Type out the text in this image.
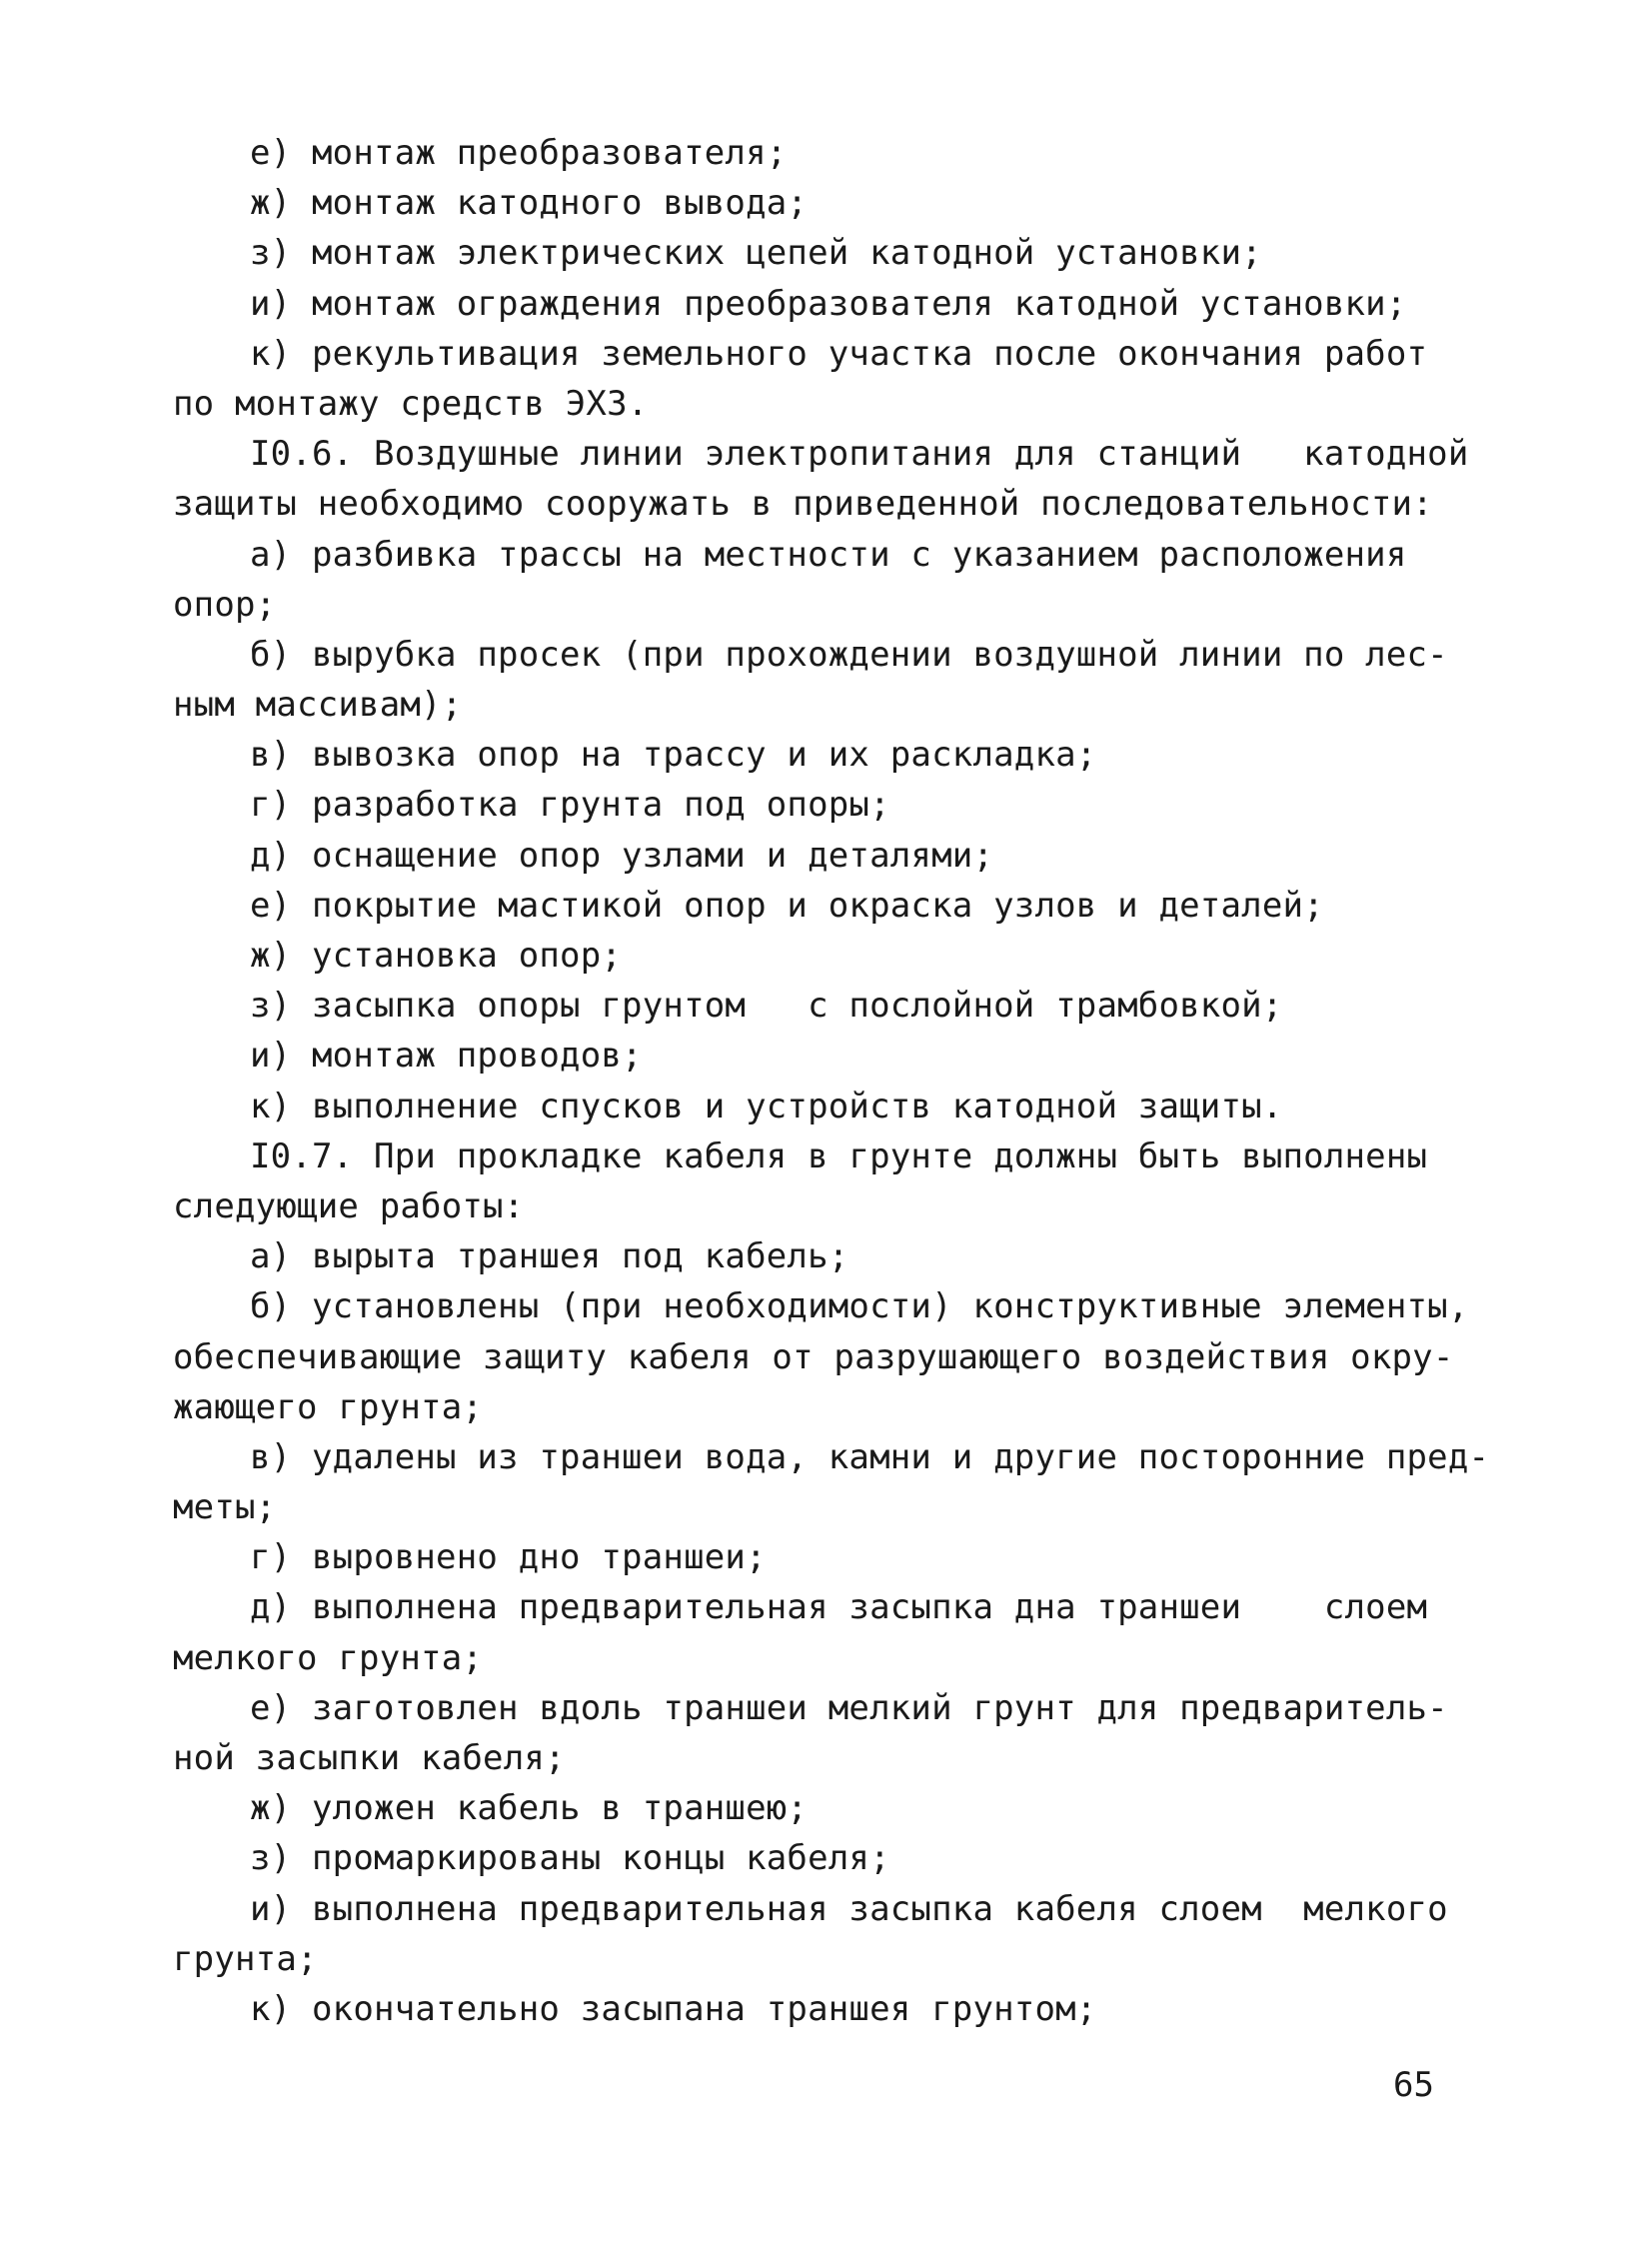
е) монтаж преобразователя;
ж) монтаж катодного вывода;
з) монтаж электрических цепей катодной установки;
и) монтаж ограждения преобразователя катодной установки;
к) рекультивация земельного участка после окончания работ
по монтажу средств ЭХЗ.
I0.6. Воздушные линии электропитания для станций   катодной
защиты необходимо сооружать в приведенной последовательности:
а) разбивка трассы на местности с указанием расположения
опор;
б) вырубка просек (при прохождении воздушной линии по лес-
ным массивам);
в) вывозка опор на трассу и их раскладка;
г) разработка грунта под опоры;
д) оснащение опор узлами и деталями;
е) покрытие мастикой опор и окраска узлов и деталей;
ж) установка опор;
з) засыпка опоры грунтом   с послойной трамбовкой;
и) монтаж проводов;
к) выполнение спусков и устройств катодной защиты.
I0.7. При прокладке кабеля в грунте должны быть выполнены
следующие работы:
а) вырыта траншея под кабель;
б) установлены (при необходимости) конструктивные элементы,
обеспечивающие защиту кабеля от разрушающего воздействия окру-
жающего грунта;
в) удалены из траншеи вода, камни и другие посторонние пред-
меты;
г) выровнено дно траншеи;
д) выполнена предварительная засыпка дна траншеи    слоем
мелкого грунта;
е) заготовлен вдоль траншеи мелкий грунт для предваритель-
ной засыпки кабеля;
ж) уложен кабель в траншею;
з) промаркированы концы кабеля;
и) выполнена предварительная засыпка кабеля слоем  мелкого
грунта;
к) окончательно засыпана траншея грунтом;
65
